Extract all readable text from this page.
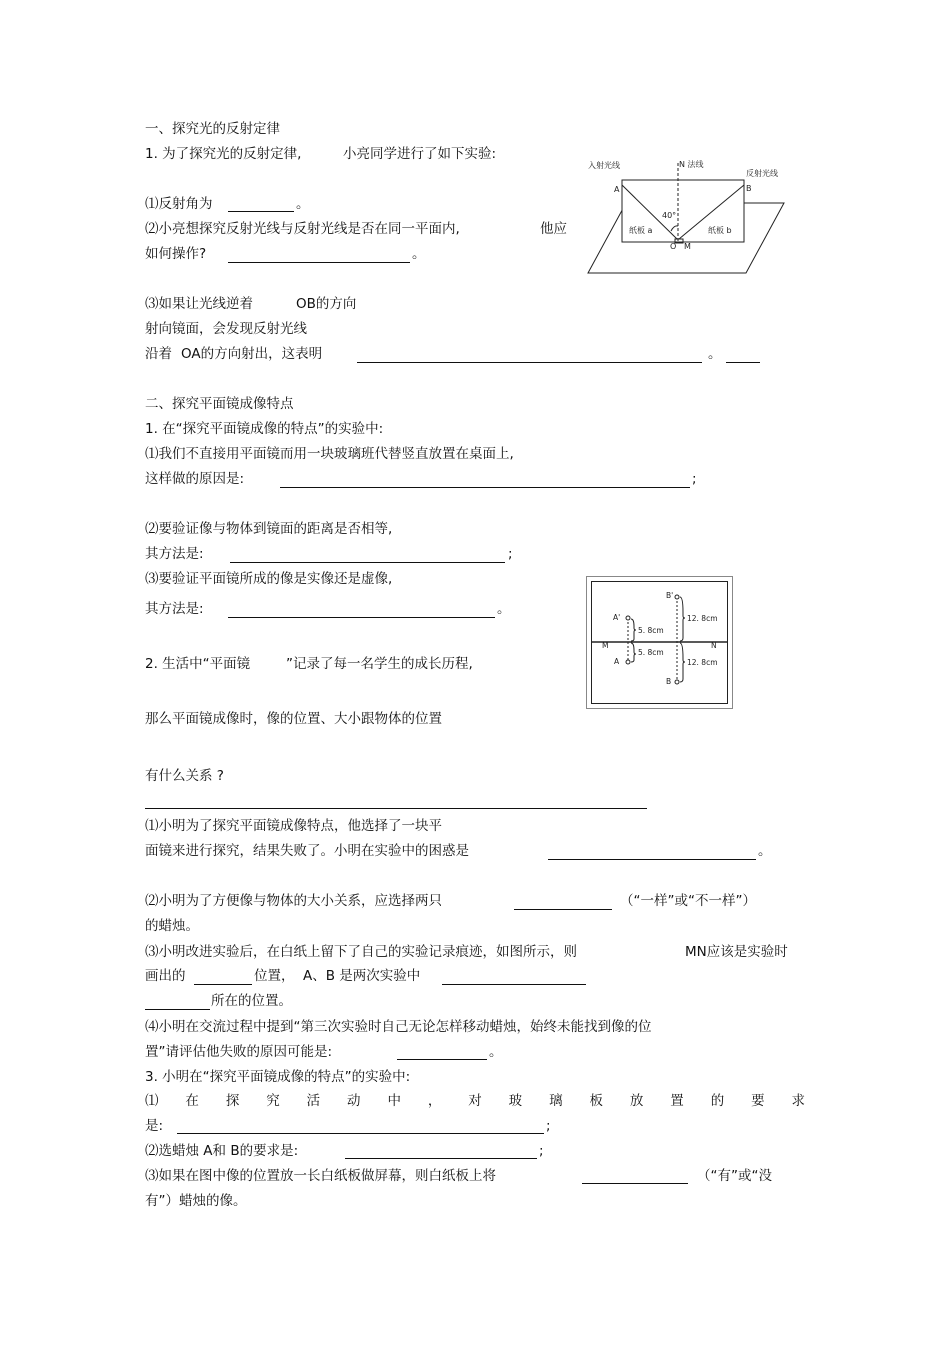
一、探究光的反射定律
1. 为了探究光的反射定律,	小亮同学进行了如下实验:
⑴反射角为	。
⑵小亮想探究反射光线与反射光线是否在同一平面内,	他应
如何操作?	。
⑶如果让光线逆着	OB的方向
射向镜面，会发现反射光线
沿着 OA的方向射出，这表明	。
入射光线	N 法线
反射光线
A	B
40°
纸板 a	纸板 b
O M
二、探究平面镜成像特点
1. 在“探究平面镜成像的特点”的实验中:
⑴我们不直接用平面镜而用一块玻璃班代替竖直放置在桌面上,
这样做的原因是:	;
⑵要验证像与物体到镜面的距离是否相等,
其方法是:	;
⑶要验证平面镜所成的像是实像还是虚像,
其方法是:	。
2. 生活中“平面镜	”记录了每一名学生的成长历程,
那么平面镜成像时，像的位置、大小跟物体的位置
有什么关系 ?
⑴小明为了探究平面镜成像特点，他选择了一块平
面镜来进行探究，结果失败了。小明在实验中的困惑是	。
⑵小明为了方便像与物体的大小关系，应选择两只	（“一样”或“不一样”）
的蜡烛。
⑶小明改进实验后，在白纸上留下了自己的实验记录痕迹，如图所示，则	MN应该是实验时
画出的	位置， A、B 是两次实验中
所在的位置。
⑷小明在交流过程中提到“第三次实验时自己无论怎样移动蜡烛，始终未能找到像的位
置”请评估他失败的原因可能是:	。
3. 小明在“探究平面镜成像的特点”的实验中:
⑴ 在 探 究 活 动 中 ， 对 玻 璃 板 放 置 的 要 求
是:	;
⑵选蜡烛 A和 B的要求是:	;
⑶如果在图中像的位置放一长白纸板做屏幕，则白纸板上将	（“有”或“没
有”）蜡烛的像。
B'
A'
M	N
A
B
5. 8cm
5. 8cm
12. 8cm
12. 8cm
